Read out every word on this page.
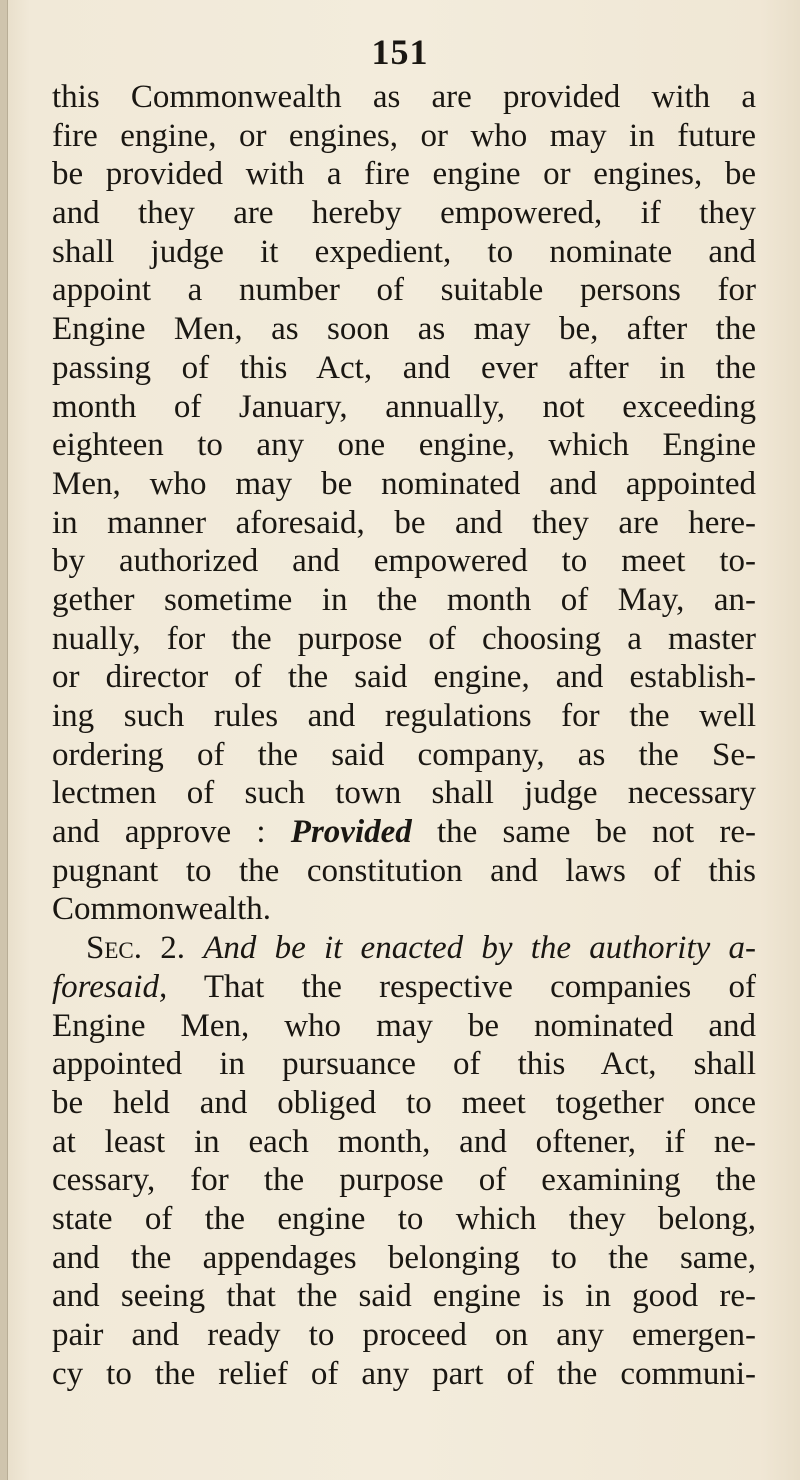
151
this Commonwealth as are provided with a
fire engine, or engines, or who may in future
be provided with a fire engine or engines, be
and they are hereby empowered, if they
shall judge it expedient, to nominate and
appoint a number of suitable persons for
Engine Men, as soon as may be, after the
passing of this Act, and ever after in the
month of January, annually, not exceeding
eighteen to any one engine, which Engine
Men, who may be nominated and appointed
in manner aforesaid, be and they are here-
by authorized and empowered to meet to-
gether sometime in the month of May, an-
nually, for the purpose of choosing a master
or director of the said engine, and establish-
ing such rules and regulations for the well
ordering of the said company, as the Se-
lectmen of such town shall judge necessary
and approve : Provided the same be not re-
pugnant to the constitution and laws of this
Commonwealth.
Sec. 2. And be it enacted by the authority a-
foresaid, That the respective companies of
Engine Men, who may be nominated and
appointed in pursuance of this Act, shall
be held and obliged to meet together once
at least in each month, and oftener, if ne-
cessary, for the purpose of examining the
state of the engine to which they belong,
and the appendages belonging to the same,
and seeing that the said engine is in good re-
pair and ready to proceed on any emergen-
cy to the relief of any part of the communi-
